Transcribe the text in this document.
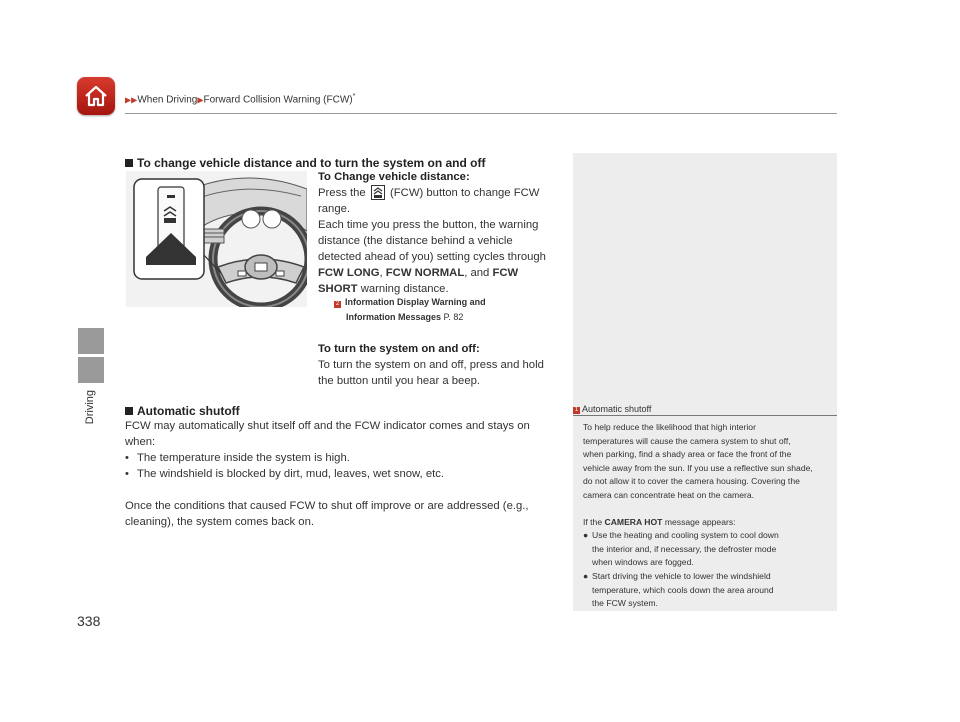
▶▶When Driving▶Forward Collision Warning (FCW)*
Driving
338
To change vehicle distance and to turn the system on and off
To Change vehicle distance:
Press the (FCW) button to change FCW
range.
Each time you press the button, the warning
distance (the distance behind a vehicle
detected ahead of you) setting cycles through
FCW LONG, FCW NORMAL, and FCW
SHORT warning distance.
2 Information Display Warning and
Information Messages P. 82
To turn the system on and off:
To turn the system on and off, press and hold
the button until you hear a beep.
Automatic shutoff
FCW may automatically shut itself off and the FCW indicator comes and stays on
when:
• The temperature inside the system is high.
• The windshield is blocked by dirt, mud, leaves, wet snow, etc.
Once the conditions that caused FCW to shut off improve or are addressed (e.g.,
cleaning), the system comes back on.
1 Automatic shutoff

To help reduce the likelihood that high interior

temperatures will cause the camera system to shut off,

when parking, find a shady area or face the front of the

vehicle away from the sun. If you use a reflective sun shade,

do not allow it to cover the camera housing. Covering the

camera can concentrate heat on the camera.

If the CAMERA HOT message appears:

● Use the heating and cooling system to cool down

the interior and, if necessary, the defroster mode

when windows are fogged.

● Start driving the vehicle to lower the windshield

temperature, which cools down the area around

the FCW system.
